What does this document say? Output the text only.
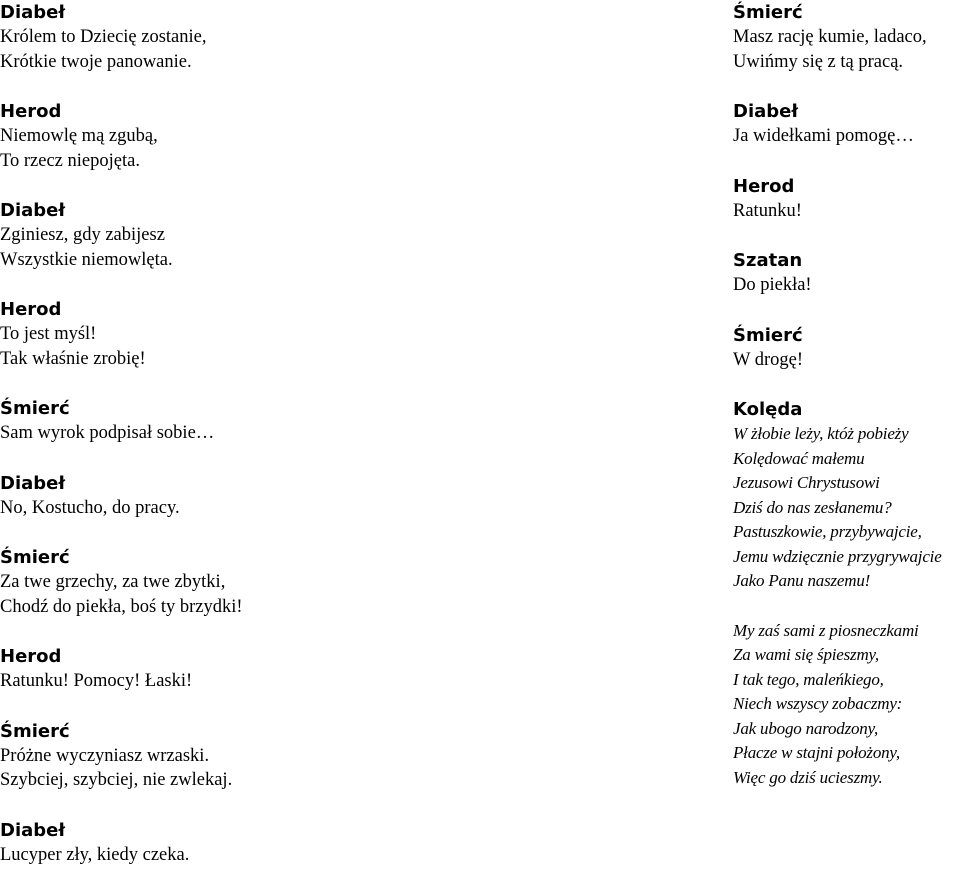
Diabeł
Królem to Dziecię zostanie,
Krótkie twoje panowanie.
Herod
Niemowlę mą zgubą,
To rzecz niepojęta.
Diabeł
Zginiesz, gdy zabijesz
Wszystkie niemowlęta.
Herod
To jest myśl!
Tak właśnie zrobię!
Śmierć
Sam wyrok podpisał sobie…
Diabeł
No, Kostucho, do pracy.
Śmierć
Za twe grzechy, za twe zbytki,
Chodź do piekła, boś ty brzydki!
Herod
Ratunku! Pomocy! Łaski!
Śmierć
Próżne wyczyniasz wrzaski.
Szybciej, szybciej, nie zwlekaj.
Diabeł
Lucyper zły, kiedy czeka.
Śmierć
Masz rację kumie, ladaco,
Uwińmy się z tą pracą.
Diabeł
Ja widełkami pomogę…
Herod
Ratunku!
Szatan
Do piekła!
Śmierć
W drogę!
Kolęda
W żłobie leży, któż pobieży
Kolędować małemu
Jezusowi Chrystusowi
Dziś do nas zesłanemu?
Pastuszkowie, przybywajcie,
Jemu wdzięcznie przygrywajcie
Jako Panu naszemu!
My zaś sami z piosneczkami
Za wami się śpieszmy,
I tak tego, maleńkiego,
Niech wszyscy zobaczmy:
Jak ubogo narodzony,
Płacze w stajni położony,
Więc go dziś ucieszmy.
